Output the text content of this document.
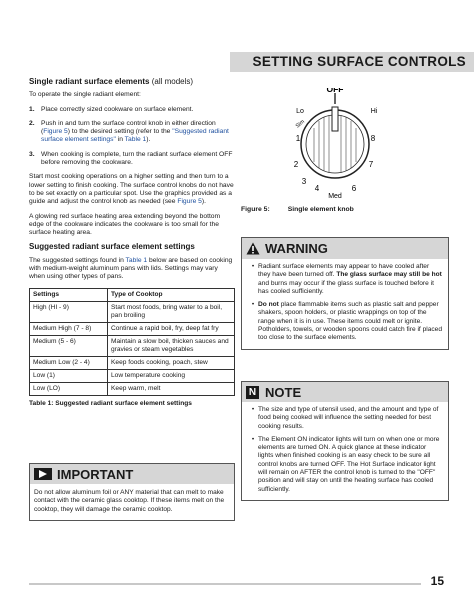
SETTING SURFACE CONTROLS
Single radiant surface elements (all models)
To operate the single radiant element:
1. Place correctly sized cookware on surface element.
2. Push in and turn the surface control knob in either direction (Figure 5) to the desired setting (refer to the "Suggested radiant surface element settings" in Table 1).
3. When cooking is complete, turn the radiant surface element OFF before removing the cookware.
Start most cooking operations on a higher setting and then turn to a lower setting to finish cooking. The surface control knobs do not have to be set exactly on a particular spot. Use the graphics provided as a guide and adjust the control knob as needed (see Figure 5).
A glowing red surface heating area extending beyond the bottom edge of the cookware indicates the cookware is too small for the surface heating area.
Suggested radiant surface element settings
The suggested settings found in Table 1 below are based on cooking with medium-weight aluminum pans with lids. Settings may vary when using other types of pans.
Settings	Type of Cooktop
High (HI - 9)	Start most foods, bring water to a boil, pan broiling
Medium High (7 - 8)	Continue a rapid boil, fry, deep fat fry
Medium (5 - 6)	Maintain a slow boil, thicken sauces and gravies or steam vegetables
Medium Low (2 - 4)	Keep foods cooking, poach, stew
Low (1)	Low temperature cooking
Low (LO)	Keep warm, melt
Table 1: Suggested radiant surface element settings
IMPORTANT
Do not allow aluminum foil or ANY material that can melt to make contact with the ceramic glass cooktop. If these items melt on the cooktop, they will damage the ceramic cooktop.
OFF
Lo	Hi
Sim
1
2
3
4
Med
6
7
8
Figure 5:	Single element knob
WARNING
• Radiant surface elements may appear to have cooled after they have been turned off. The glass surface may still be hot and burns may occur if the glass surface is touched before it has cooled sufficiently.
• Do not place flammable items such as plastic salt and pepper shakers, spoon holders, or plastic wrappings on top of the range when it is in use. These items could melt or ignite. Potholders, towels, or wooden spoons could catch fire if placed too close to the surface elements.
N NOTE
• The size and type of utensil used, and the amount and type of food being cooked will influence the setting needed for best cooking results.
• The Element ON indicator lights will turn on when one or more elements are turned ON. A quick glance at these indicator lights when finished cooking is an easy check to be sure all control knobs are turned OFF. The Hot Surface indicator light will remain on AFTER the control knob is turned to the "OFF" position and will stay on until the heating surface has cooled sufficiently.
15
